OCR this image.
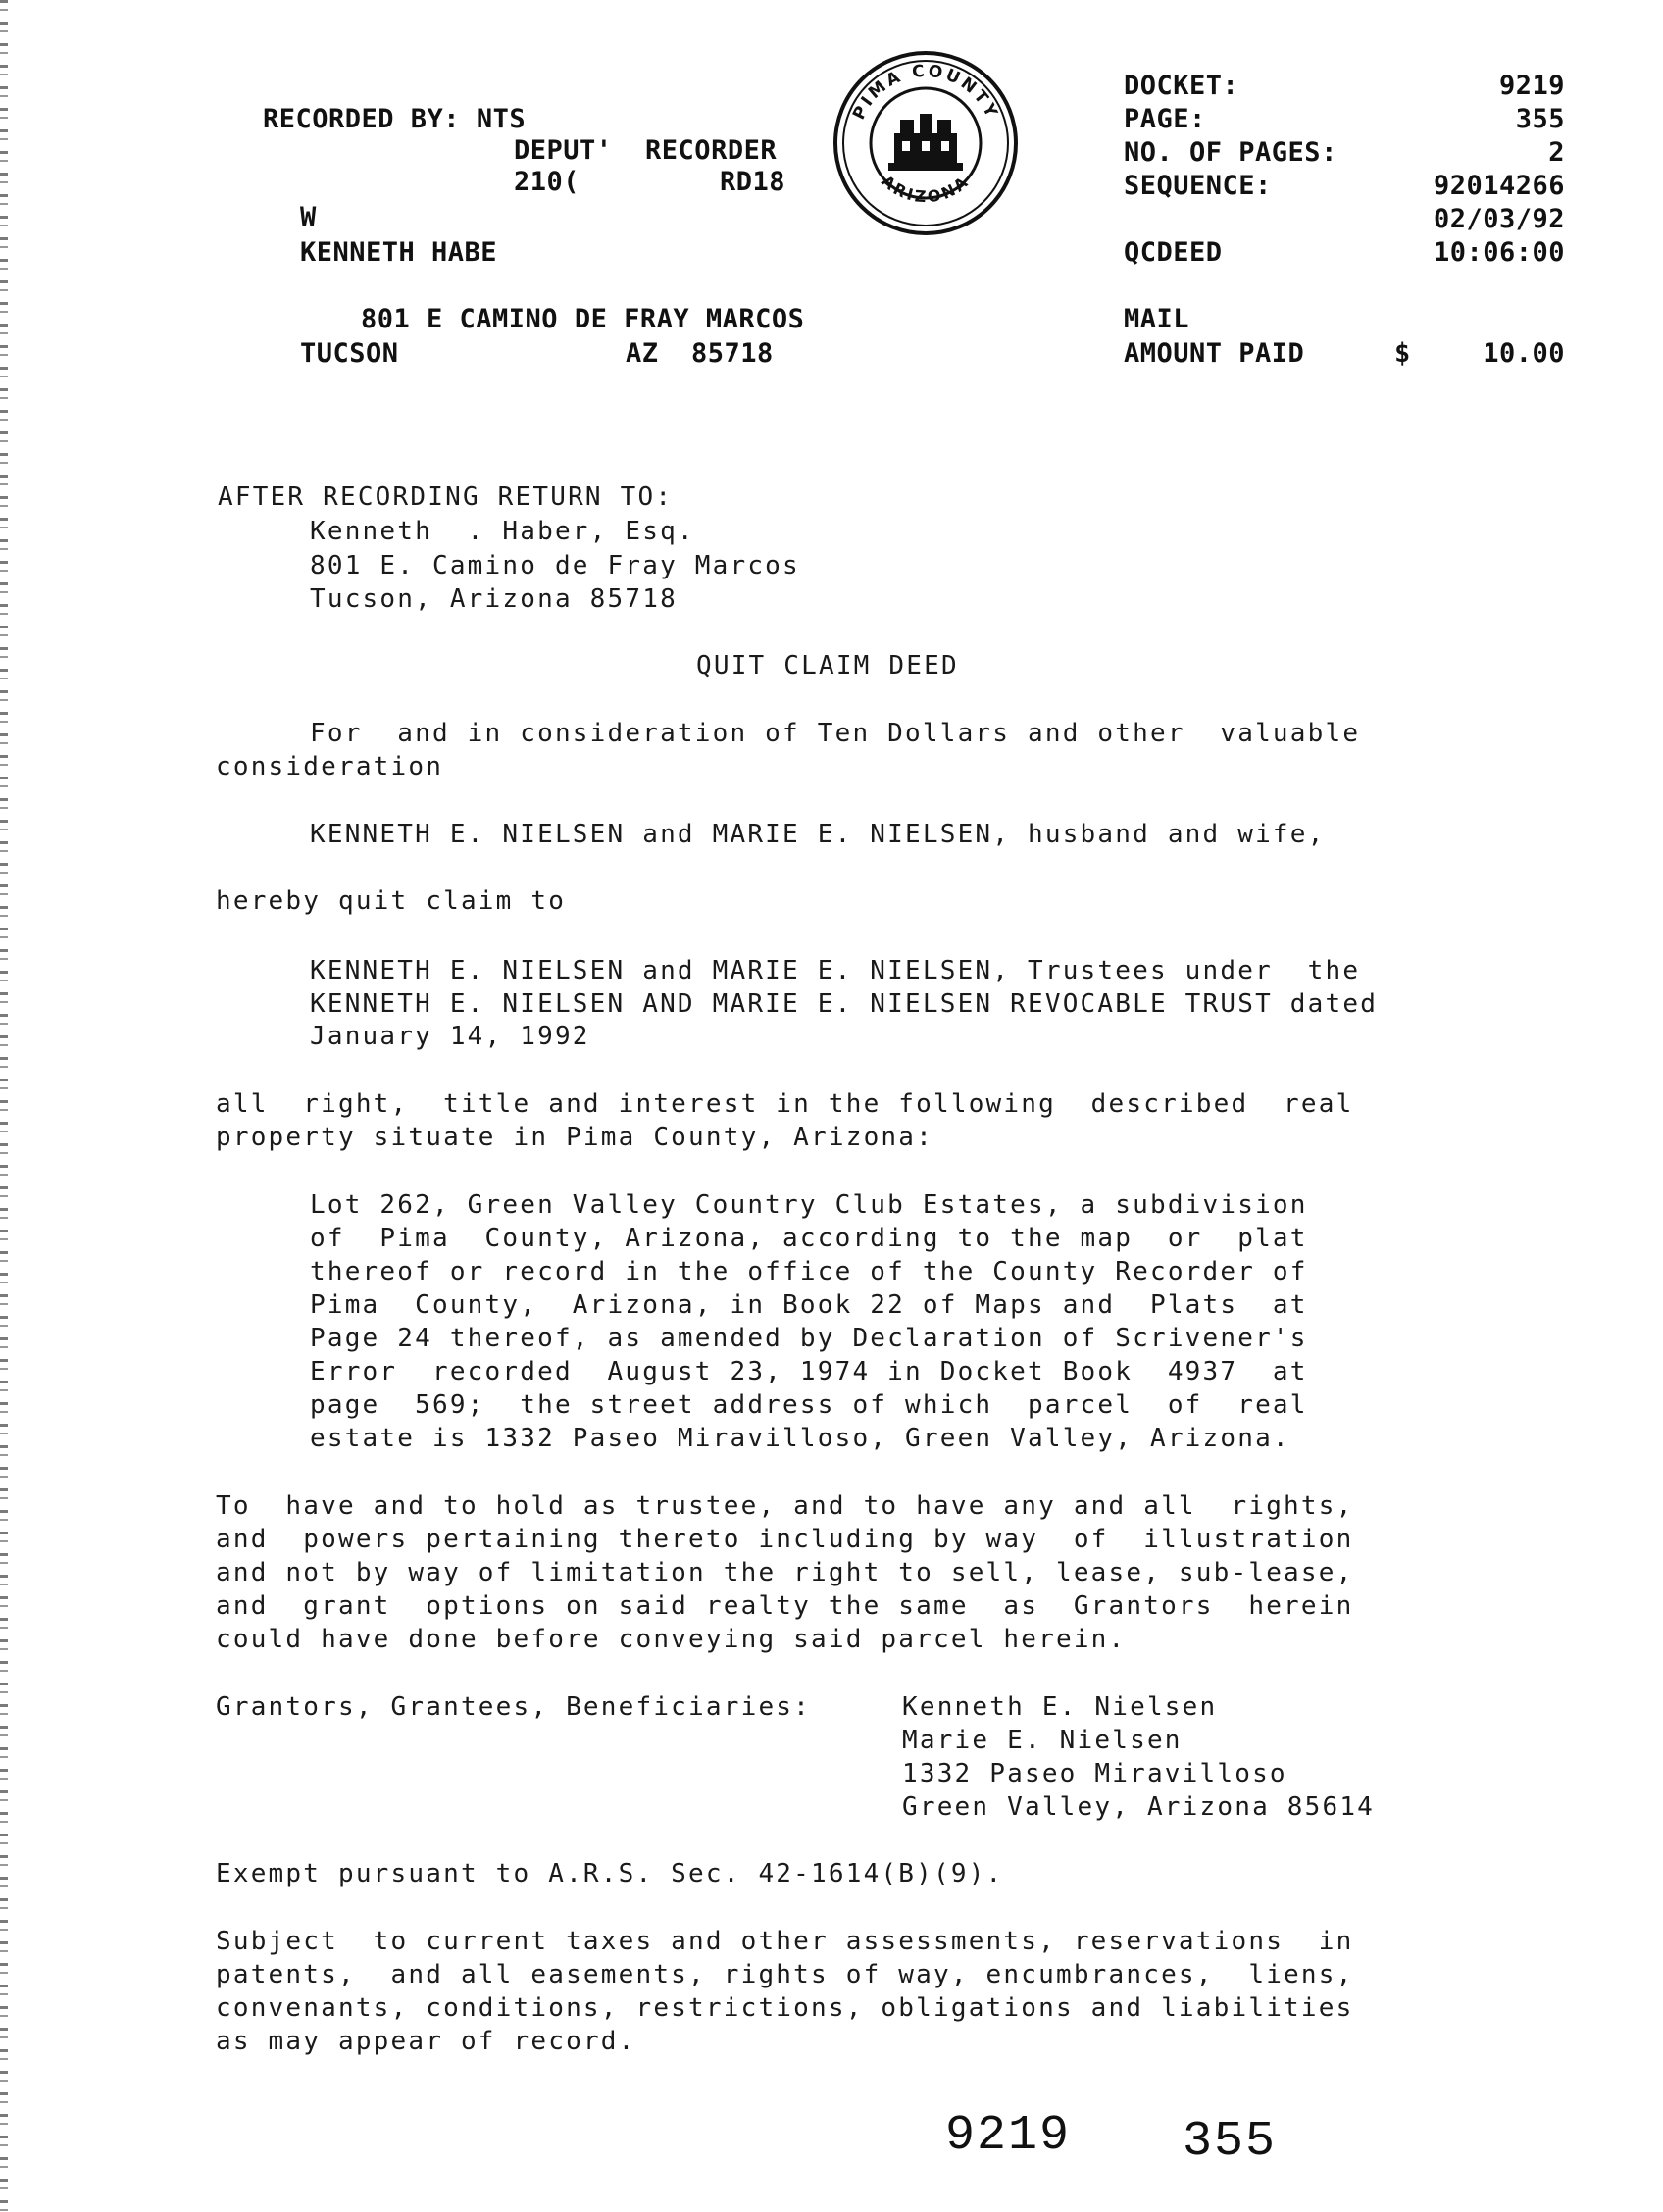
RECORDED BY: NTS
DEPUT'  RECORDER
210(	RD18
W
KENNETH HABE
801 E CAMINO DE FRAY MARCOS
TUCSON	AZ  85718
PIMA COUNTY
ARIZONA
DOCKET:	9219
PAGE:	355
NO. OF PAGES:	2
SEQUENCE:	92014266
02/03/92
QCDEED	10:06:00
MAIL
AMOUNT PAID	$	10.00
AFTER RECORDING RETURN TO:
Kenneth  . Haber, Esq.
801 E. Camino de Fray Marcos
Tucson, Arizona 85718
QUIT CLAIM DEED
For  and in consideration of Ten Dollars and other  valuable
consideration
KENNETH E. NIELSEN and MARIE E. NIELSEN, husband and wife,
hereby quit claim to
KENNETH E. NIELSEN and MARIE E. NIELSEN, Trustees under  the
KENNETH E. NIELSEN AND MARIE E. NIELSEN REVOCABLE TRUST dated
January 14, 1992
all  right,  title and interest in the following  described  real
property situate in Pima County, Arizona:
Lot 262, Green Valley Country Club Estates, a subdivision
of  Pima  County, Arizona, according to the map  or  plat
thereof or record in the office of the County Recorder of
Pima  County,  Arizona, in Book 22 of Maps and  Plats  at
Page 24 thereof, as amended by Declaration of Scrivener's
Error  recorded  August 23, 1974 in Docket Book  4937  at
page  569;  the street address of which  parcel  of  real
estate is 1332 Paseo Miravilloso, Green Valley, Arizona.
To  have and to hold as trustee, and to have any and all  rights,
and  powers pertaining thereto including by way  of  illustration
and not by way of limitation the right to sell, lease, sub-lease,
and  grant  options on said realty the same  as  Grantors  herein
could have done before conveying said parcel herein.
Grantors, Grantees, Beneficiaries:	Kenneth E. Nielsen
Marie E. Nielsen
1332 Paseo Miravilloso
Green Valley, Arizona 85614
Exempt pursuant to A.R.S. Sec. 42-1614(B)(9).
Subject  to current taxes and other assessments, reservations  in
patents,  and all easements, rights of way, encumbrances,  liens,
convenants, conditions, restrictions, obligations and liabilities
as may appear of record.
9219 355
